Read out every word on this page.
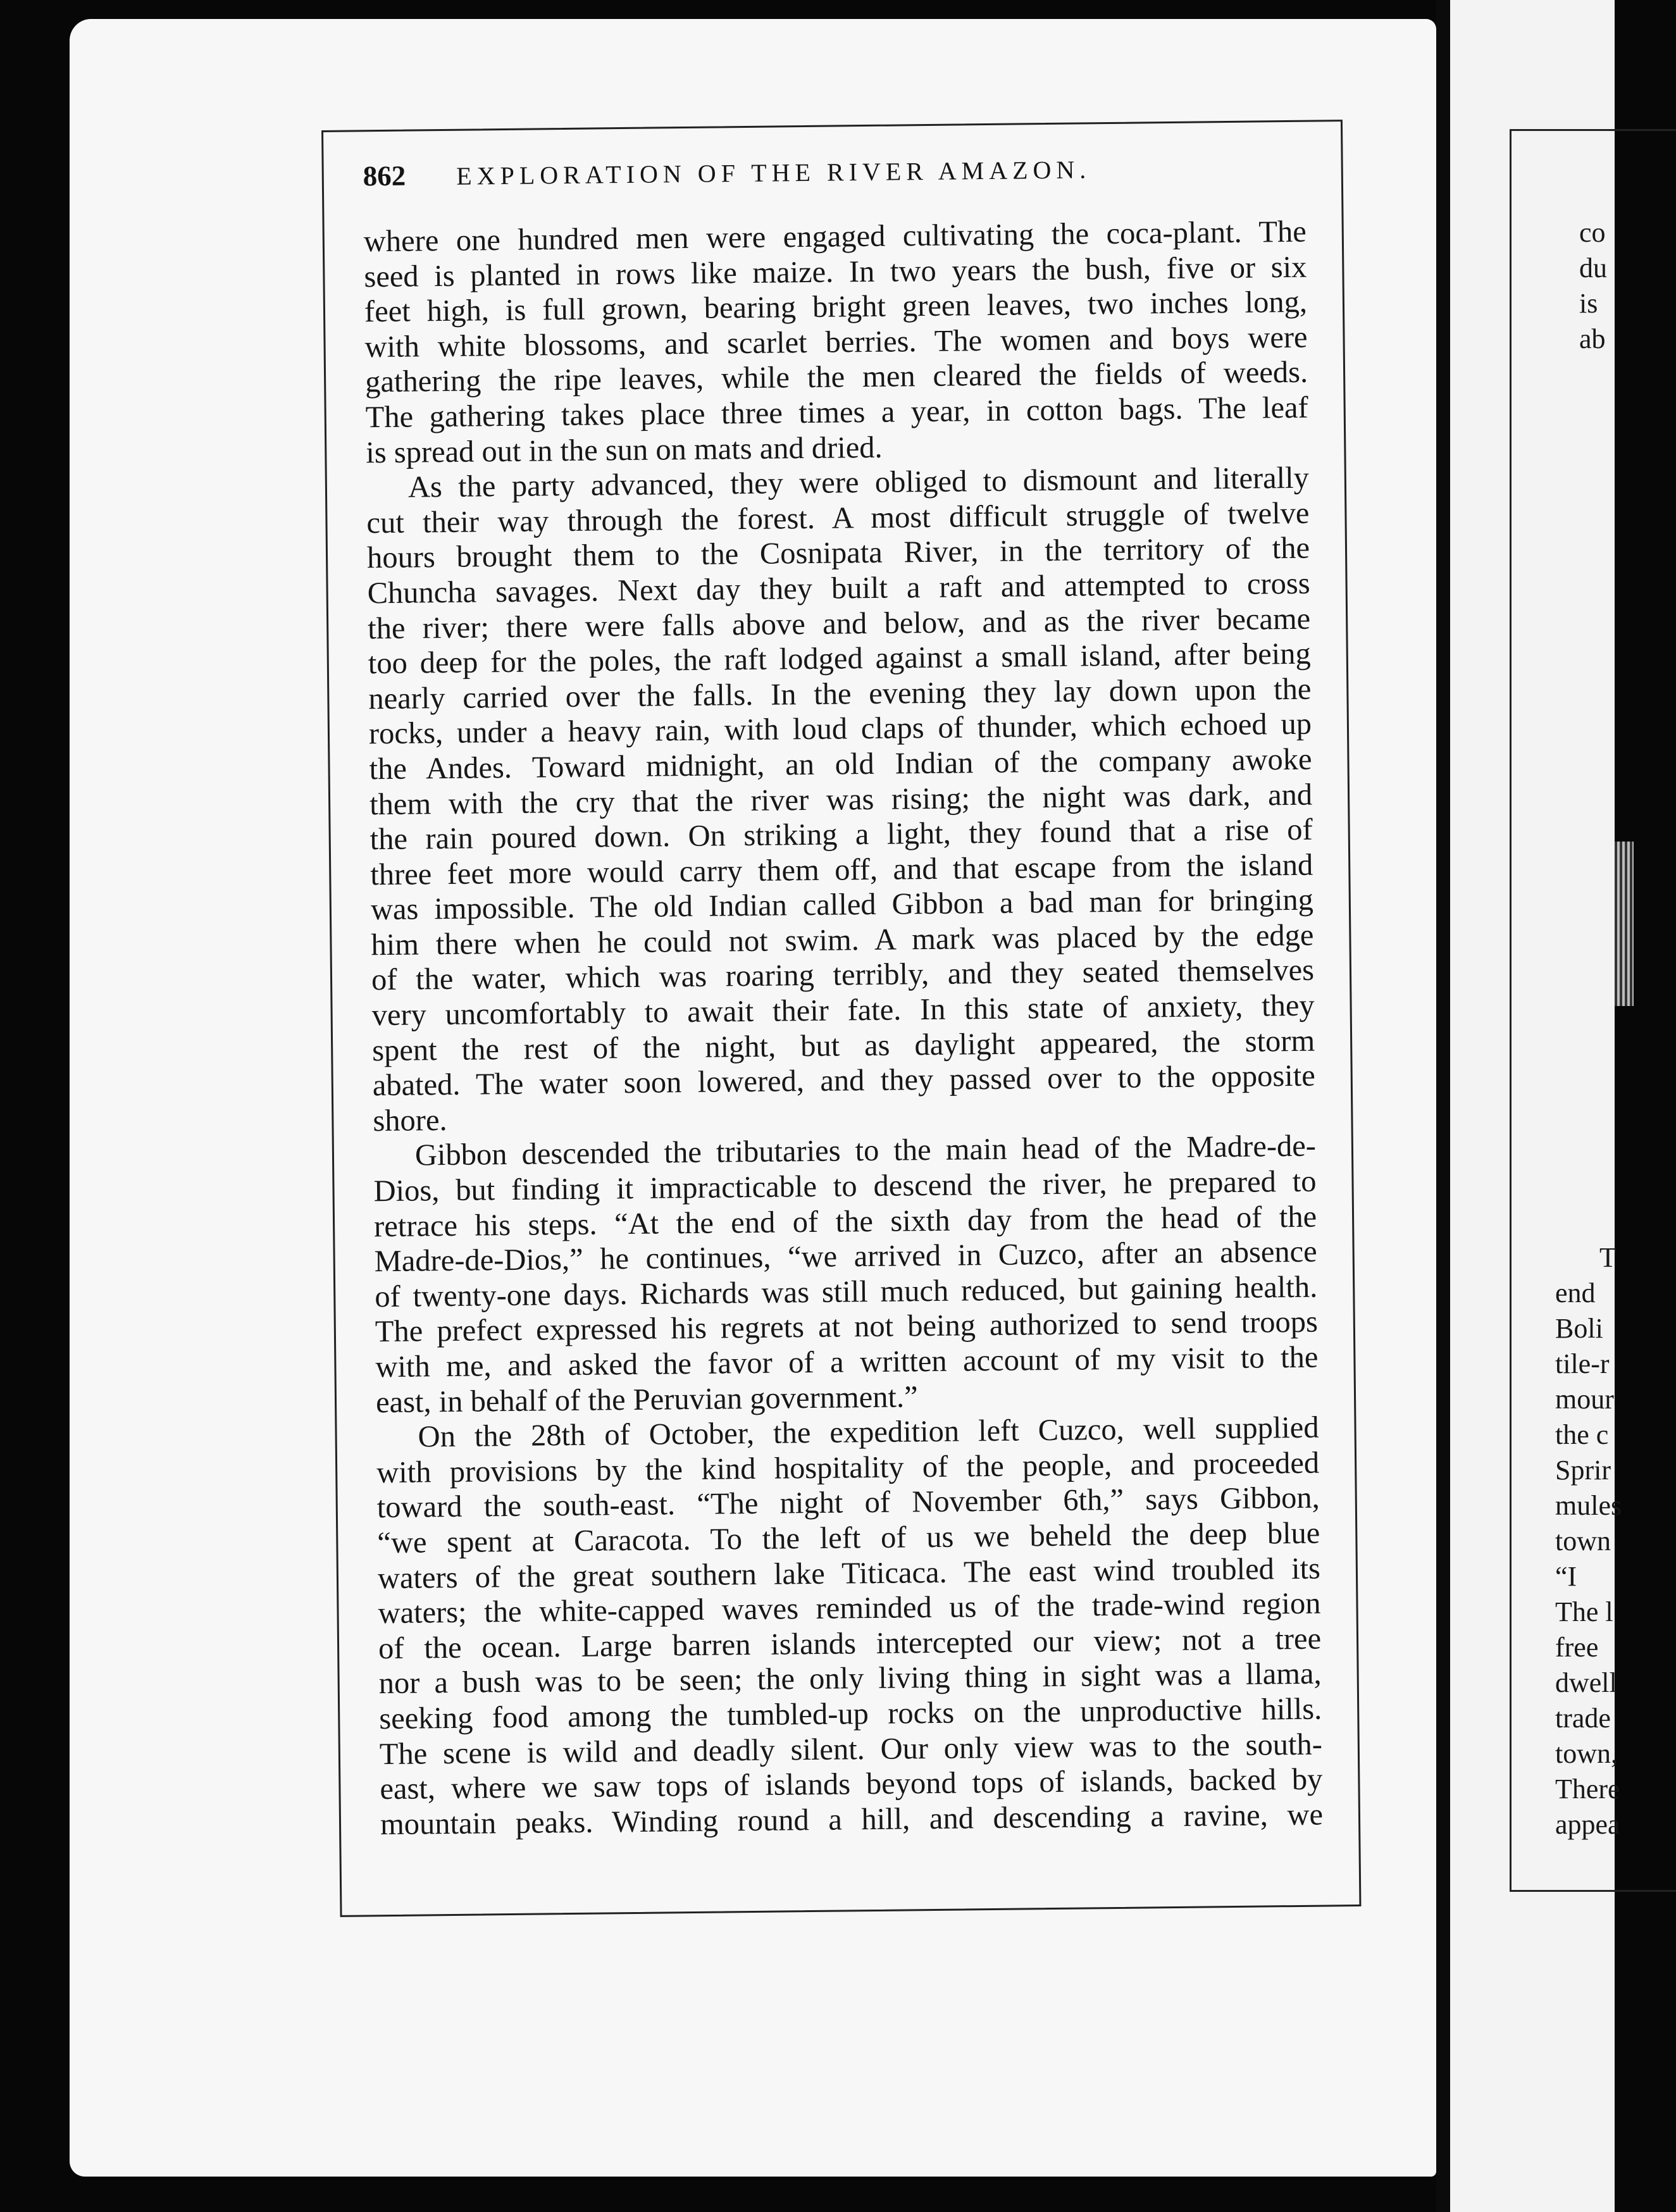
862 EXPLORATION OF THE RIVER AMAZON.
where one hundred men were engaged cultivating the coca-plant. The
seed is planted in rows like maize. In two years the bush, five or six
feet high, is full grown, bearing bright green leaves, two inches long,
with white blossoms, and scarlet berries. The women and boys were
gathering the ripe leaves, while the men cleared the fields of weeds.
The gathering takes place three times a year, in cotton bags. The leaf
is spread out in the sun on mats and dried.
As the party advanced, they were obliged to dismount and literally
cut their way through the forest. A most difficult struggle of twelve
hours brought them to the Cosnipata River, in the territory of the
Chuncha savages. Next day they built a raft and attempted to cross
the river; there were falls above and below, and as the river became
too deep for the poles, the raft lodged against a small island, after being
nearly carried over the falls. In the evening they lay down upon the
rocks, under a heavy rain, with loud claps of thunder, which echoed up
the Andes. Toward midnight, an old Indian of the company awoke
them with the cry that the river was rising; the night was dark, and
the rain poured down. On striking a light, they found that a rise of
three feet more would carry them off, and that escape from the island
was impossible. The old Indian called Gibbon a bad man for bringing
him there when he could not swim. A mark was placed by the edge
of the water, which was roaring terribly, and they seated themselves
very uncomfortably to await their fate. In this state of anxiety, they
spent the rest of the night, but as daylight appeared, the storm
abated. The water soon lowered, and they passed over to the opposite
shore.
Gibbon descended the tributaries to the main head of the Madre-de-
Dios, but finding it impracticable to descend the river, he prepared to
retrace his steps. “At the end of the sixth day from the head of the
Madre-de-Dios,” he continues, “we arrived in Cuzco, after an absence
of twenty-one days. Richards was still much reduced, but gaining health.
The prefect expressed his regrets at not being authorized to send troops
with me, and asked the favor of a written account of my visit to the
east, in behalf of the Peruvian government.”
On the 28th of October, the expedition left Cuzco, well supplied
with provisions by the kind hospitality of the people, and proceeded
toward the south-east. “The night of November 6th,” says Gibbon,
“we spent at Caracota. To the left of us we beheld the deep blue
waters of the great southern lake Titicaca. The east wind troubled its
waters; the white-capped waves reminded us of the trade-wind region
of the ocean. Large barren islands intercepted our view; not a tree
nor a bush was to be seen; the only living thing in sight was a llama,
seeking food among the tumbled-up rocks on the unproductive hills.
The scene is wild and deadly silent. Our only view was to the south-
east, where we saw tops of islands beyond tops of islands, backed by
mountain peaks. Winding round a hill, and descending a ravine, we
co
du
is
ab
T
end
Boli
tile-r
mour
the c
Sprir
mules
town
“I
The l
free
dwell
trade
town,
There
appea
